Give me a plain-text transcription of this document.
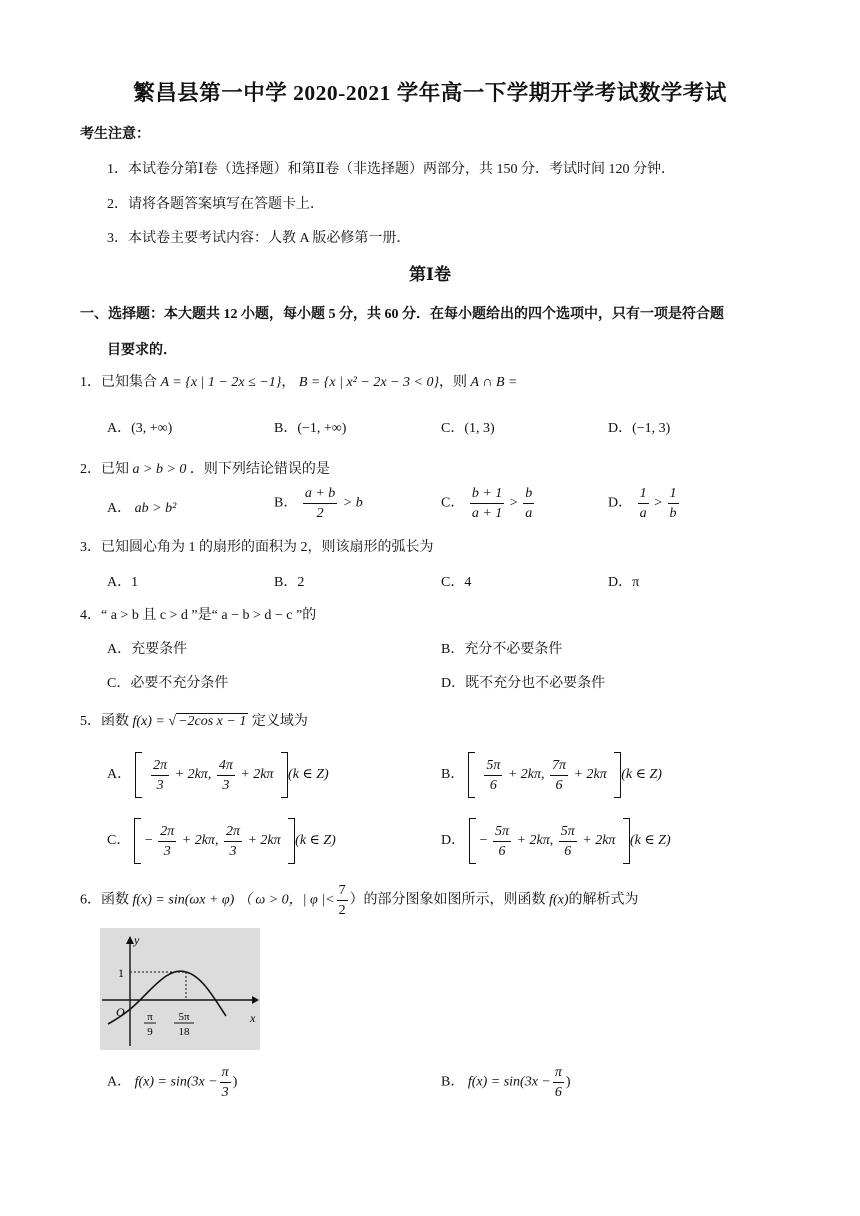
繁昌县第一中学 2020-2021 学年高一下学期开学考试数学考试
考生注意：
1．本试卷分第Ⅰ卷（选择题）和第Ⅱ卷（非选择题）两部分，共 150 分．考试时间 120 分钟．
2．请将各题答案填写在答题卡上．
3．本试卷主要考试内容：人教 A 版必修第一册．
第Ⅰ卷
一、选择题：本大题共 12 小题，每小题 5 分，共 60 分．在每小题给出的四个选项中，只有一项是符合题
目要求的．
1．已知集合 A = {x | 1 − 2x ≤ −1}， B = {x | x² − 2x − 3 < 0}，则 A ∩ B =
A．(3, +∞)	B．(−1, +∞)	C．(1, 3)	D．(−1, 3)
2．已知 a > b > 0 ．则下列结论错误的是
A． ab > b²	B． $\frac{a + b}{2} > b$	C． $\frac{b + 1}{a + 1} > \frac{b}{a}$	D． $\frac{1}{a} > \frac{1}{b}$
3．已知圆心角为 1 的扇形的面积为 2，则该扇形的弧长为
A．1	B．2	C．4	D．π
4．“ a > b 且 c > d ”是“ a − b > d − c ”的
A．充要条件	B．充分不必要条件
C．必要不充分条件	D．既不充分也不必要条件
5．函数 f(x) = √ −2cos x − 1 定义域为
A． $\frac{2\pi}{3} + 2k\pi$, $\frac{4\pi}{3} + 2k\pi$ (k ∈ Z)	B． $\frac{5\pi}{6} + 2k\pi$, $\frac{7\pi}{6} + 2k\pi$ (k ∈ Z)
C． − $\frac{2\pi}{3} + 2k\pi$, $\frac{2\pi}{3} + 2k\pi$ (k ∈ Z)	D． − $\frac{5\pi}{6} + 2k\pi$, $\frac{5\pi}{6} + 2k\pi$ (k ∈ Z)
6．函数 f(x) = sin(ωx + φ) （ ω > 0，| φ |< $\frac{7}{2}$ ）的部分图象如图所示，则函数 f(x)的解析式为
y
x
1
O π
9
5π
18
A． $f(x) = \sin(3x - \frac{\pi}{3}$ )	B． $f(x) = \sin(3x - \frac{\pi}{6}$ )
